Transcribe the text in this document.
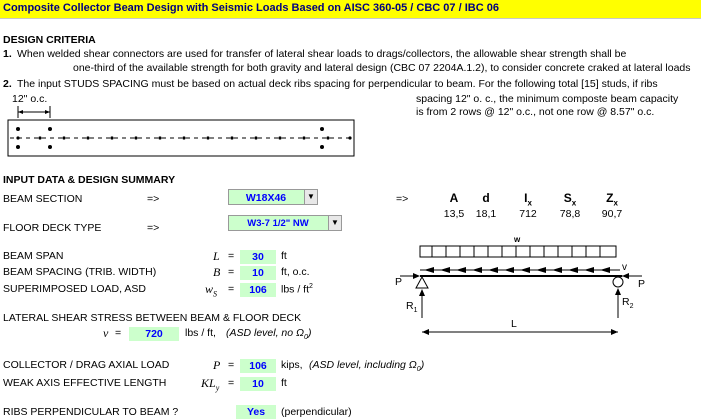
Composite Collector Beam Design with Seismic Loads Based on AISC 360-05 / CBC 07 / IBC 06
DESIGN CRITERIA
1. When welded shear connectors are used for transfer of lateral shear loads to drags/collectors, the allowable shear strength shall be
one-third of the available strength for both gravity and lateral design (CBC 07 2204A.1.2), to consider concrete craked at lateral loads
2. The input STUDS SPACING must be based on actual deck ribs spacing for perpendicular to beam. For the following total [15] studs, if ribs
12" o.c.	spacing 12" o. c., the minimum composte beam capacity
is from 2 rows @ 12" o.c., not one row @ 8.57" o.c.
INPUT DATA & DESIGN SUMMARY
BEAM SECTION	=>	W18X46	▼	=>	A	d	$I_x$	$S_x$	$Z_x$
13,5	18,1	712	78,8	90,7
FLOOR DECK TYPE	=>	W3-7 1/2" NW	▼
BEAM SPAN	L =	30	ft
BEAM SPACING (TRIB. WIDTH)	B =	10	ft, o.c.
SUPERIMPOSED LOAD, ASD	$w_S$ =	106	lbs / $ft^2$
LATERAL SHEAR STRESS BETWEEN BEAM & FLOOR DECK
v =	720	lbs / ft, (ASD level, no $\Omega_0$)
COLLECTOR / DRAG AXIAL LOAD	P =	106	kips, (ASD level, including $\Omega_0$)
WEAK AXIS EFFECTIVE LENGTH	$KL_y$ =	10	ft
RIBS PERPENDICULAR TO BEAM ?	Yes	(perpendicular)
w
v
P	P
$R_1$
$R_2$
L
